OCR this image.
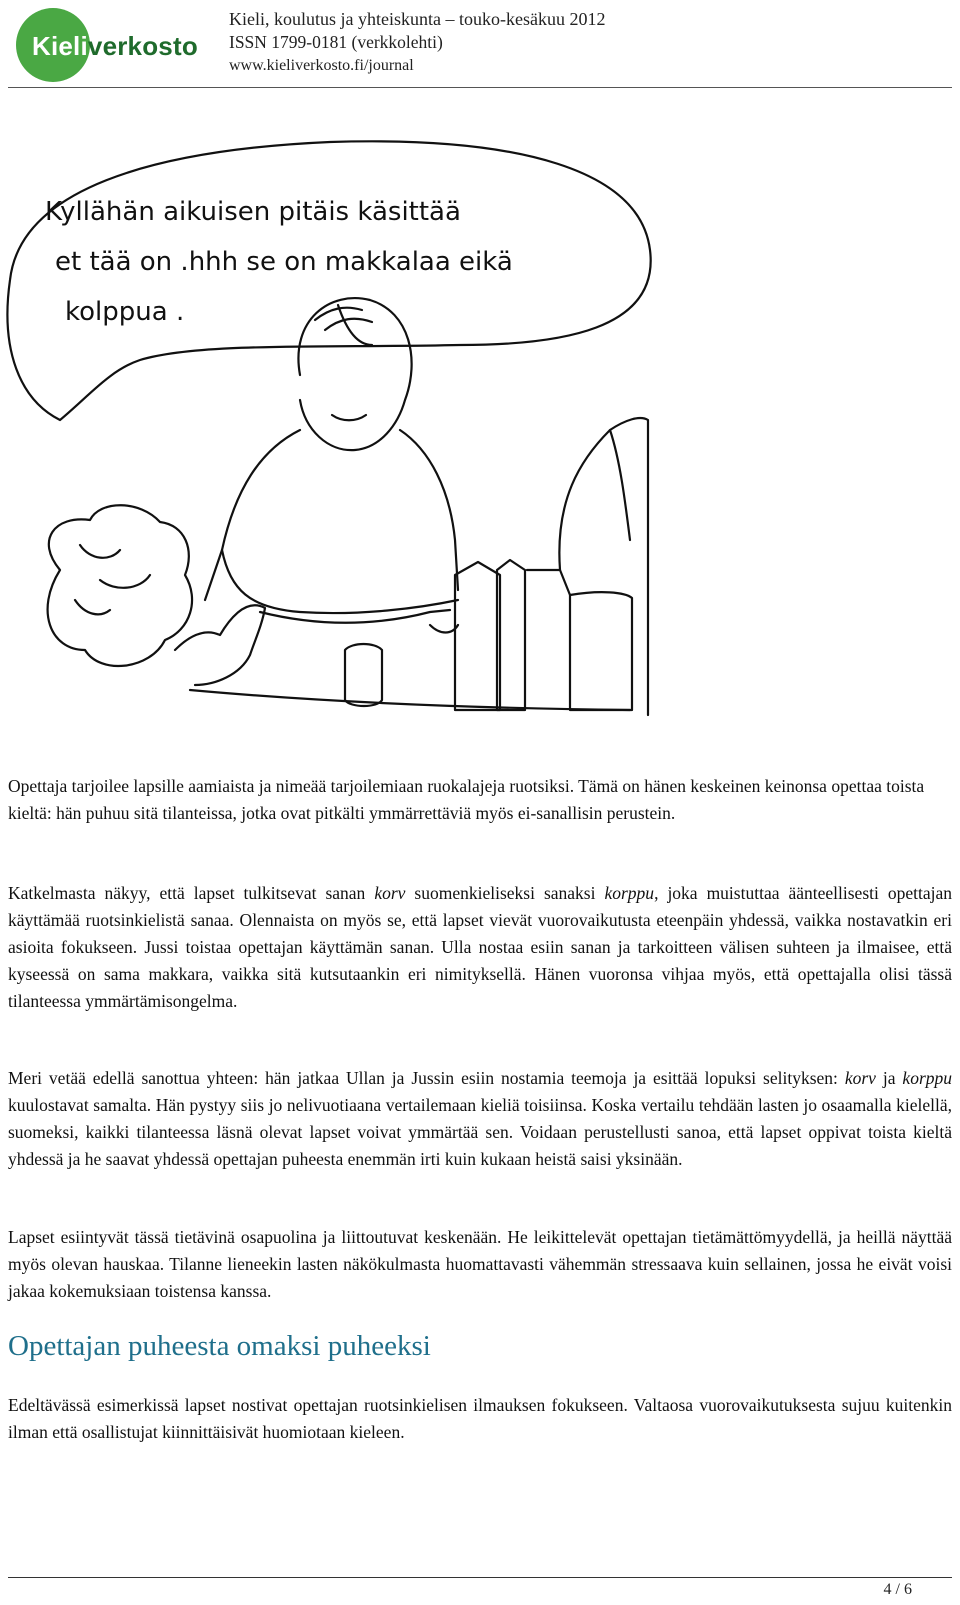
Kieliverkosto
Kieli, koulutus ja yhteiskunta – touko-kesäkuu 2012
ISSN 1799-0181 (verkkolehti)
www.kieliverkosto.fi/journal
Kyllähän aikuisen pitäis käsittää
et tää on .hhh se on makkalaa eikä
kolppua .

Opettaja tarjoilee lapsille aamiaista ja nimeää tarjoilemiaan ruokalajeja ruotsiksi. Tämä on hänen keskeinen keinonsa opettaa toista kieltä: hän puhuu sitä tilanteissa, jotka ovat pitkälti ymmärrettäviä myös ei-sanallisin perustein.

Katkelmasta näkyy, että lapset tulkitsevat sanan korv suomenkieliseksi sanaksi korppu, joka muistuttaa äänteellisesti opettajan käyttämää ruotsinkielistä sanaa. Olennaista on myös se, että lapset vievät vuorovaikutusta eteenpäin yhdessä, vaikka nostavatkin eri asioita fokukseen. Jussi toistaa opettajan käyttämän sanan. Ulla nostaa esiin sanan ja tarkoitteen välisen suhteen ja ilmaisee, että kyseessä on sama makkara, vaikka sitä kutsutaankin eri nimityksellä. Hänen vuoronsa vihjaa myös, että opettajalla olisi tässä tilanteessa ymmärtämisongelma.

Meri vetää edellä sanottua yhteen: hän jatkaa Ullan ja Jussin esiin nostamia teemoja ja esittää lopuksi selityksen: korv ja korppu kuulostavat samalta. Hän pystyy siis jo nelivuotiaana vertailemaan kieliä toisiinsa. Koska vertailu tehdään lasten jo osaamalla kielellä, suomeksi, kaikki tilanteessa läsnä olevat lapset voivat ymmärtää sen. Voidaan perustellusti sanoa, että lapset oppivat toista kieltä yhdessä ja he saavat yhdessä opettajan puheesta enemmän irti kuin kukaan heistä saisi yksinään.

Lapset esiintyvät tässä tietävinä osapuolina ja liittoutuvat keskenään. He leikittelevät opettajan tietämättömyydellä, ja heillä näyttää myös olevan hauskaa. Tilanne lieneekin lasten näkökulmasta huomattavasti vähemmän stressaava kuin sellainen, jossa he eivät voisi jakaa kokemuksiaan toistensa kanssa.

Opettajan puheesta omaksi puheeksi

Edeltävässä esimerkissä lapset nostivat opettajan ruotsinkielisen ilmauksen fokukseen. Valtaosa vuorovaikutuksesta sujuu kuitenkin ilman että osallistujat kiinnittäisivät huomiotaan kieleen.

4 / 6
